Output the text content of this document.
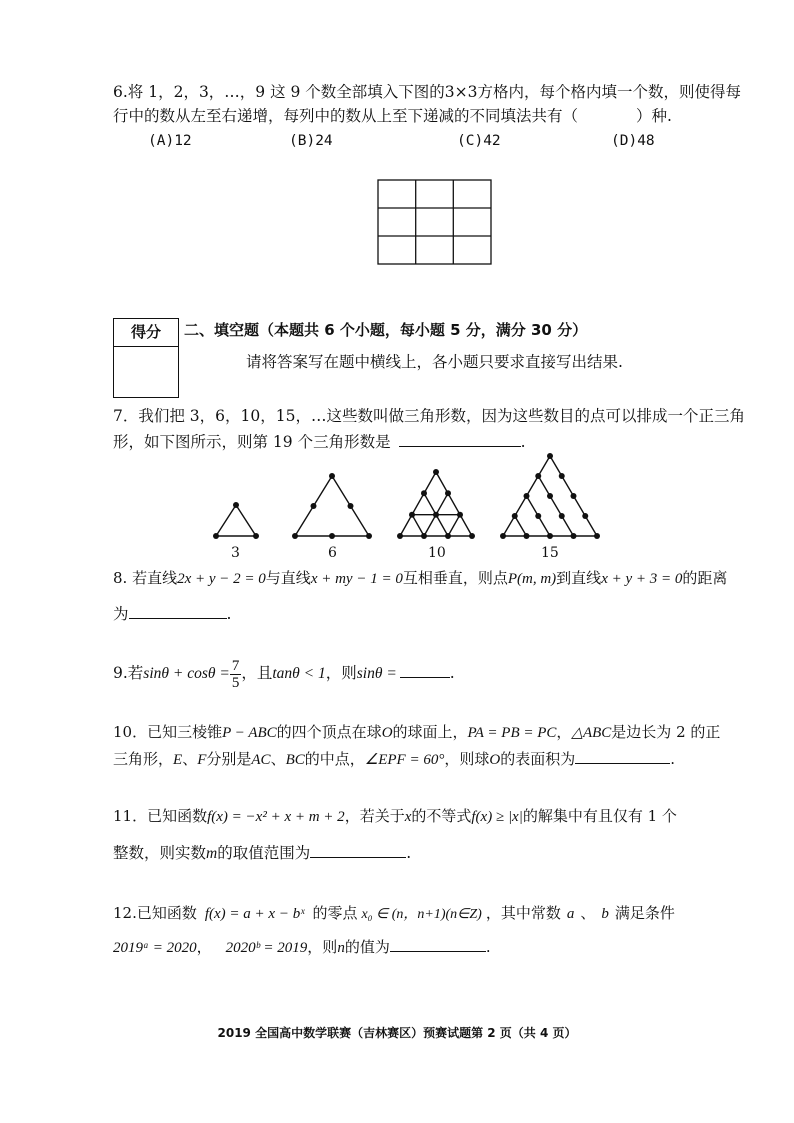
6.将 1，2，3，…，9 这 9 个数全部填入下图的3×3方格内，每个格内填一个数，则使得每
行中的数从左至右递增，每列中的数从上至下递减的不同填法共有（	）种.
(A)12	(B)24	(C)42	(D)48
得分	二、填空题（本题共 6 个小题，每小题 5 分，满分 30 分）
请将答案写在题中横线上，各小题只要求直接写出结果.
7．我们把 3，6，10，15，…这些数叫做三角形数，因为这些数目的点可以排成一个正三角
形，如下图所示，则第 19 个三角形数是	.
3	6	10	15
8. 若直线2x + y − 2 = 0与直线x + my − 1 = 0互相垂直，则点P(m, m)到直线x + y + 3 = 0的距离
为	.
9.若$\sin\theta + \cos\theta = \frac{7}{5}$ ，且tanθ < 1，则sinθ =	.
10．已知三棱锥P − ABC的四个顶点在球O的球面上，PA = PB = PC，△ABC是边长为 2 的正
三角形，E、F分别是AC、BC的中点，∠EPF = 60°，则球O的表面积为	.
11．已知函数f(x) = −x² + x + m + 2，若关于x的不等式f(x) ≥ |x|的解集中有且仅有 1 个
整数，则实数m的取值范围为	.
12.已知函数 f(x) = a + x − bˣ 的零点 x₀ ∈ (n，n+1)(n∈Z) ，其中常数 a 、 b 满足条件
2019ᵃ = 2020， 2020ᵇ = 2019，则n的值为	.
2019 全国高中数学联赛（吉林赛区）预赛试题第 2 页（共 4 页）
